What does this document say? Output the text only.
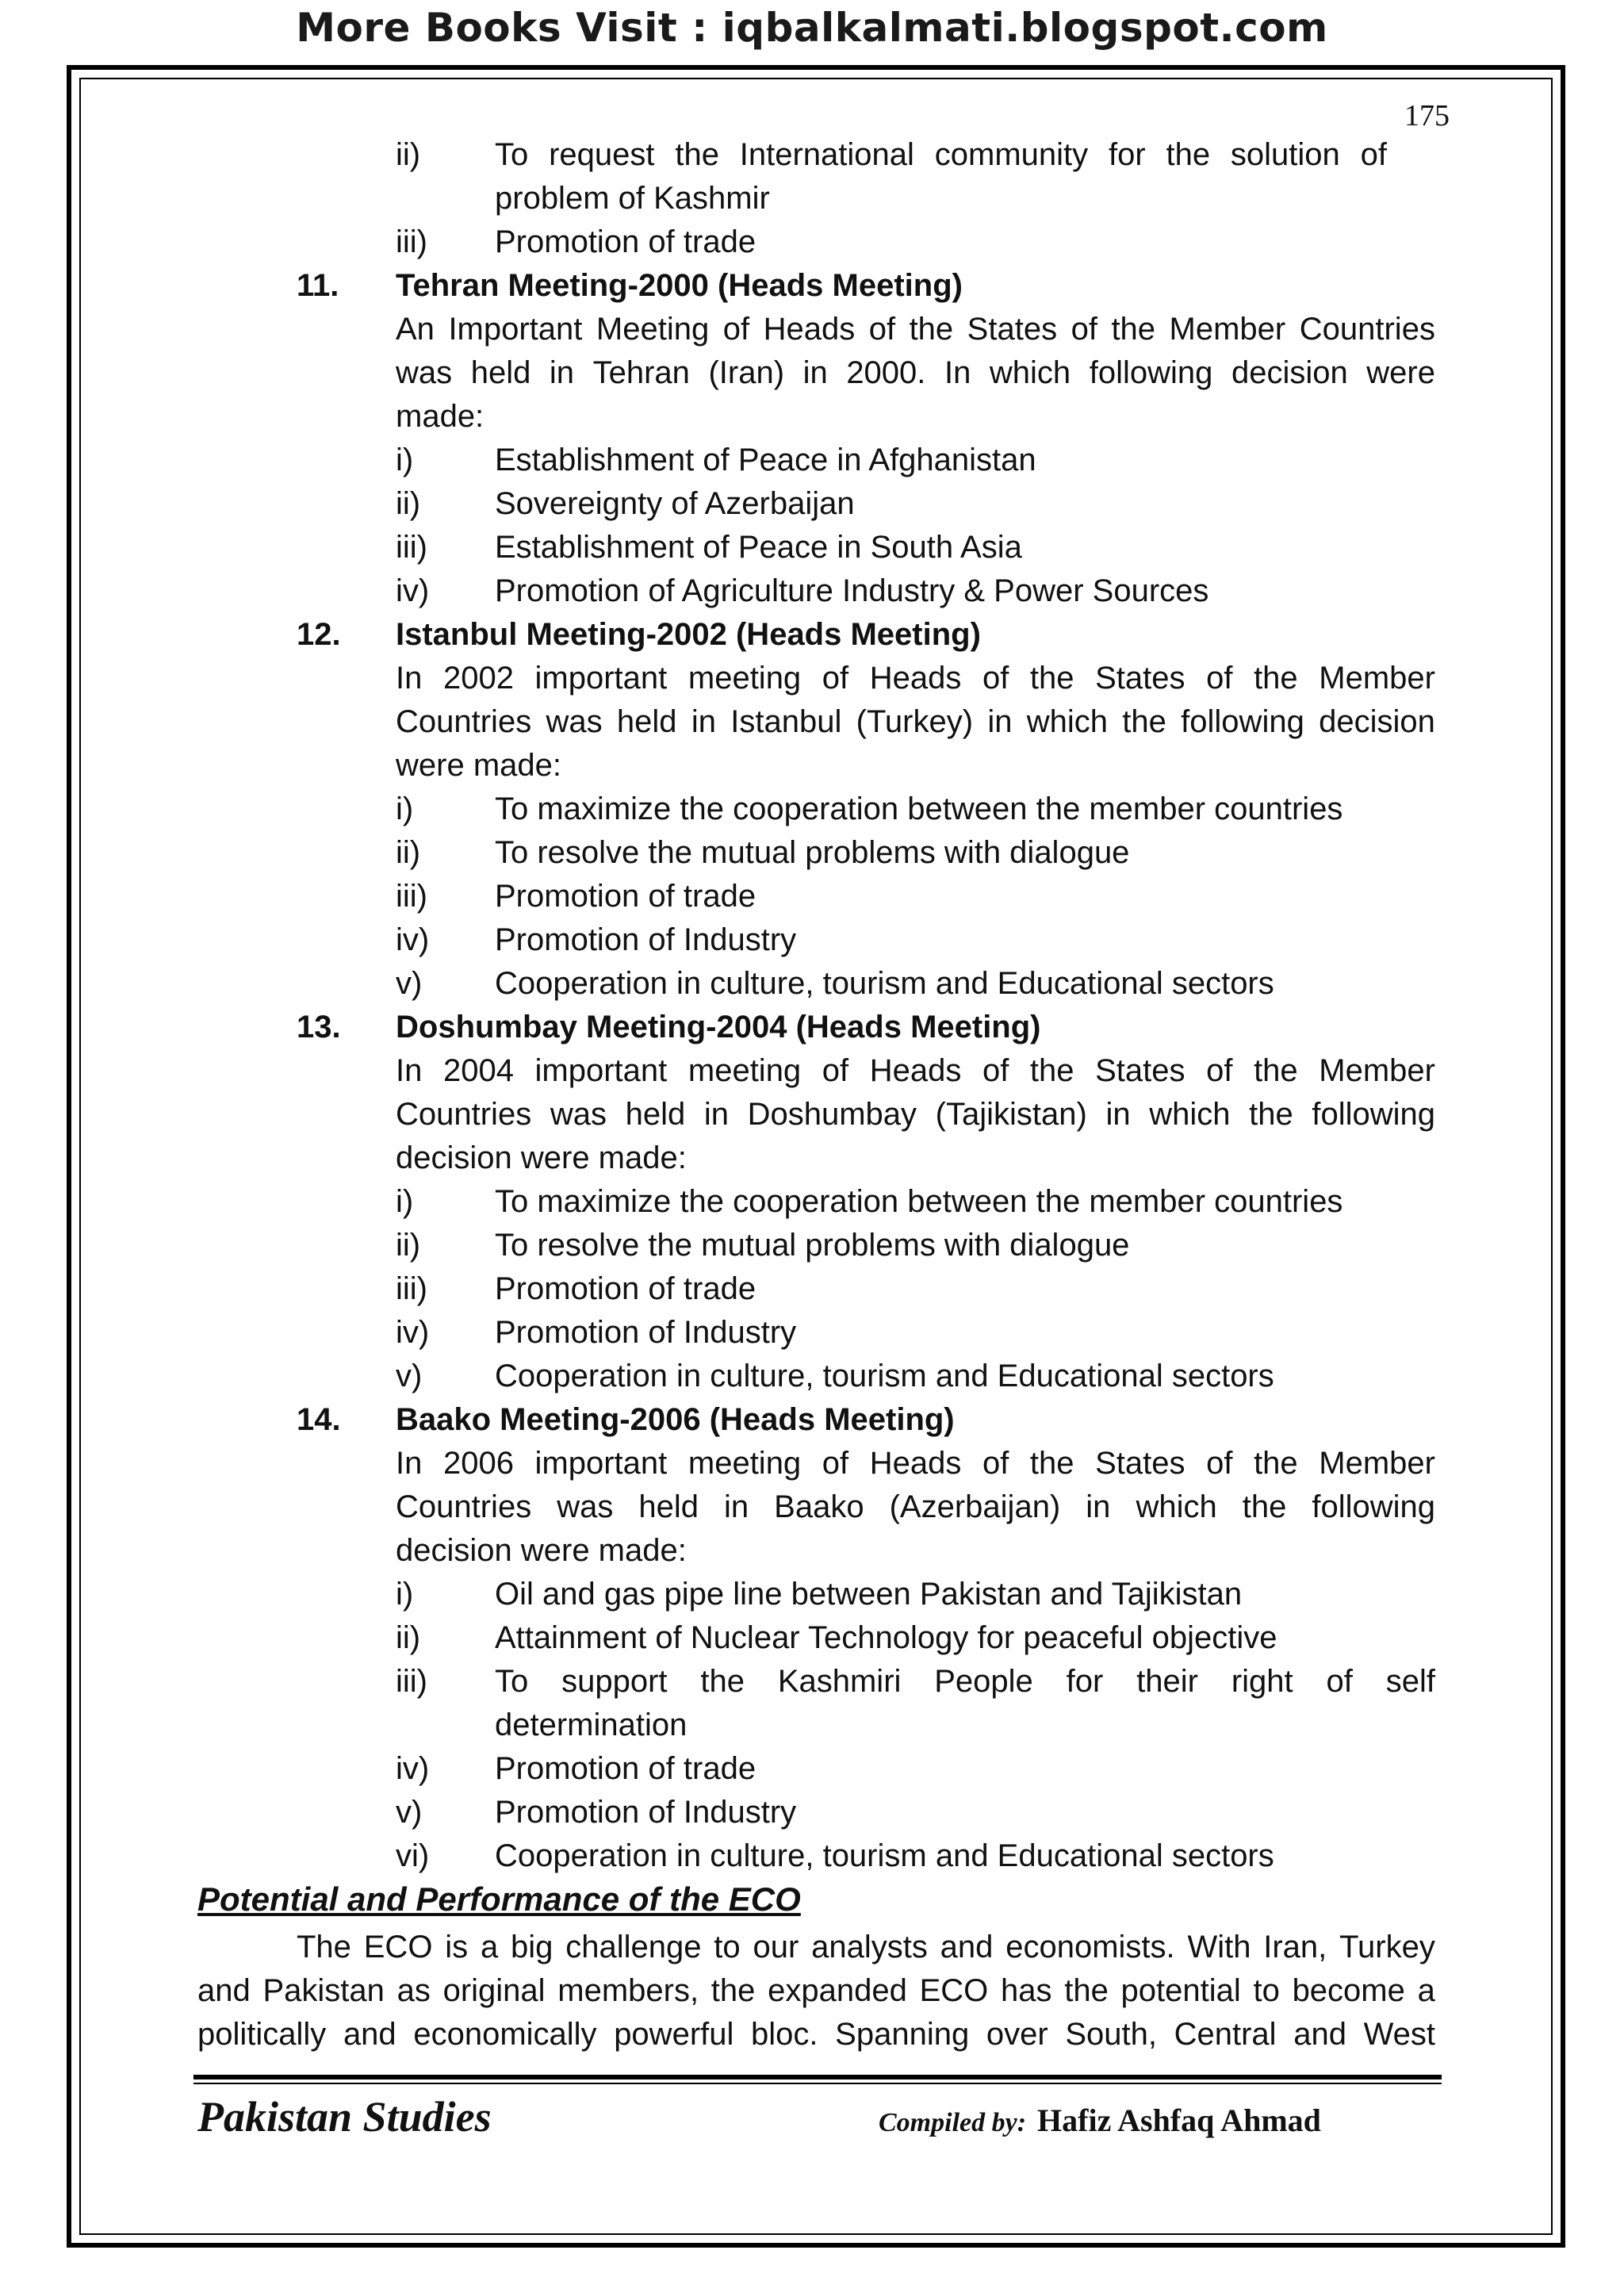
More Books Visit : iqbalkalmati.blogspot.com
175
ii) To request the International community for the solution of
problem of Kashmir
iii) Promotion of trade
11. Tehran Meeting-2000 (Heads Meeting)
An Important Meeting of Heads of the States of the Member Countries
was held in Tehran (Iran) in 2000. In which following decision were
made:
i)	Establishment of Peace in Afghanistan
ii) Sovereignty of Azerbaijan
iii) Establishment of Peace in South Asia
iv) Promotion of Agriculture Industry & Power Sources
12. Istanbul Meeting-2002 (Heads Meeting)
In 2002 important meeting of Heads of the States of the Member
Countries was held in Istanbul (Turkey) in which the following decision
were made:
i)	To maximize the cooperation between the member countries
ii) To resolve the mutual problems with dialogue
iii) Promotion of trade
iv) Promotion of Industry
v) Cooperation in culture, tourism and Educational sectors
13. Doshumbay Meeting-2004 (Heads Meeting)
In 2004 important meeting of Heads of the States of the Member
Countries was held in Doshumbay (Tajikistan) in which the following
decision were made:
i)	To maximize the cooperation between the member countries
ii) To resolve the mutual problems with dialogue
iii) Promotion of trade
iv) Promotion of Industry
v) Cooperation in culture, tourism and Educational sectors
14. Baako Meeting-2006 (Heads Meeting)
In 2006 important meeting of Heads of the States of the Member
Countries was held in Baako (Azerbaijan) in which the following
decision were made:
i)	Oil and gas pipe line between Pakistan and Tajikistan
ii) Attainment of Nuclear Technology for peaceful objective
iii) To support the Kashmiri People for their right of self
determination
iv) Promotion of trade
v) Promotion of Industry
vi) Cooperation in culture, tourism and Educational sectors
Potential and Performance of the ECO
The ECO is a big challenge to our analysts and economists. With Iran, Turkey
and Pakistan as original members, the expanded ECO has the potential to become a
politically and economically powerful bloc. Spanning over South, Central and West
Pakistan Studies	Compiled by: Hafiz Ashfaq Ahmad
